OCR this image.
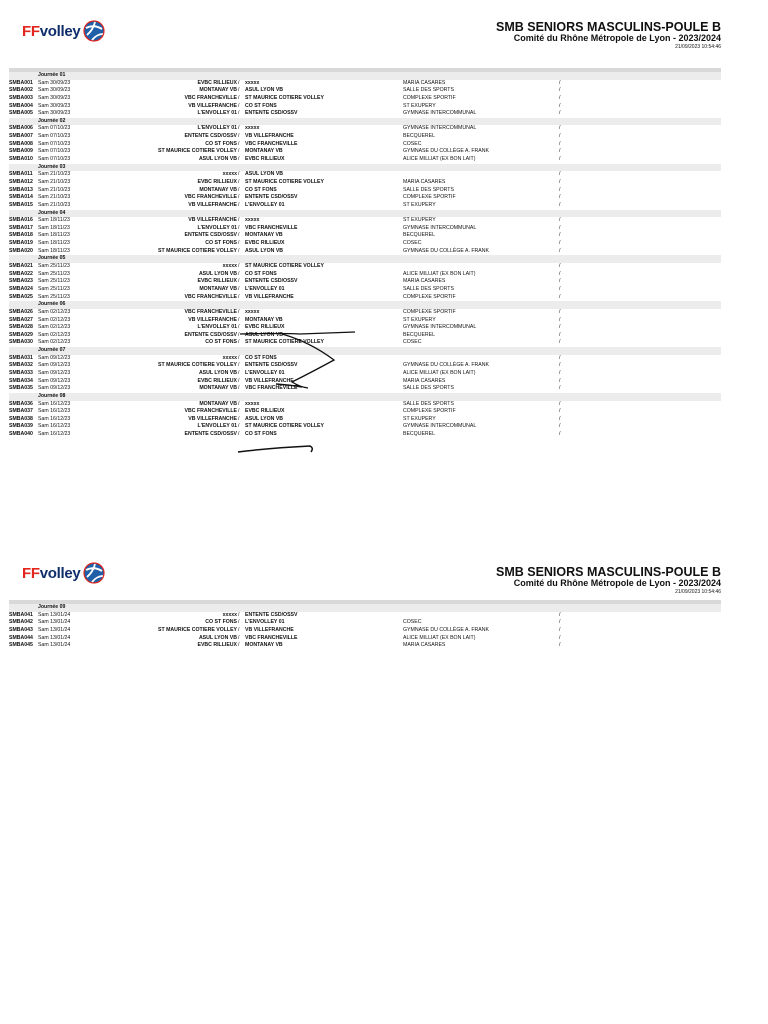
FFvolley	SMB SENIORS MASCULINS-POULE B
Comité du Rhône Métropole de Lyon - 2023/2024
21/09/2023 10:54:46
Journée 01
SMBA001 Sam 30/09/23	EVBC RILLIEUX / xxxxx	MARIA CASARES	/
SMBA002 Sam 30/09/23	MONTANAY VB / ASUL LYON VB	SALLE DES SPORTS	/
SMBA003 Sam 30/09/23	VBC FRANCHEVILLE / ST MAURICE COTIERE VOLLEY	COMPLEXE SPORTIF	/
SMBA004 Sam 30/09/23	VB VILLEFRANCHE / CO ST FONS	ST EXUPERY	/
SMBA005 Sam 30/09/23	L'ENVOLLEY 01 / ENTENTE CSD/OSSV	GYMNASE INTERCOMMUNAL	/
Journée 02
SMBA006 Sam 07/10/23	L'ENVOLLEY 01 / xxxxx	GYMNASE INTERCOMMUNAL	/
SMBA007 Sam 07/10/23	ENTENTE CSD/OSSV / VB VILLEFRANCHE	BECQUEREL	/
SMBA008 Sam 07/10/23	CO ST FONS / VBC FRANCHEVILLE	COSEC	/
SMBA009 Sam 07/10/23	ST MAURICE COTIERE VOLLEY / MONTANAY VB	GYMNASE DU COLLÈGE A. FRANK	/
SMBA010 Sam 07/10/23	ASUL LYON VB / EVBC RILLIEUX	ALICE MILLIAT (EX BON LAIT)	/
Journée 03
SMBA011 Sam 21/10/23	xxxxx / ASUL LYON VB	/
SMBA012 Sam 21/10/23	EVBC RILLIEUX / ST MAURICE COTIERE VOLLEY	MARIA CASARES	/
SMBA013 Sam 21/10/23	MONTANAY VB / CO ST FONS	SALLE DES SPORTS	/
SMBA014 Sam 21/10/23	VBC FRANCHEVILLE / ENTENTE CSD/OSSV	COMPLEXE SPORTIF	/
SMBA015 Sam 21/10/23	VB VILLEFRANCHE / L'ENVOLLEY 01	ST EXUPERY	/
Journée 04
SMBA016 Sam 18/11/23	VB VILLEFRANCHE / xxxxx	ST EXUPERY	/
SMBA017 Sam 18/11/23	L'ENVOLLEY 01 / VBC FRANCHEVILLE	GYMNASE INTERCOMMUNAL	/
SMBA018 Sam 18/11/23	ENTENTE CSD/OSSV / MONTANAY VB	BECQUEREL	/
SMBA019 Sam 18/11/23	CO ST FONS / EVBC RILLIEUX	COSEC	/
SMBA020 Sam 18/11/23	ST MAURICE COTIERE VOLLEY / ASUL LYON VB	GYMNASE DU COLLÈGE A. FRANK	/
Journée 05
SMBA021 Sam 25/11/23	xxxxx / ST MAURICE COTIERE VOLLEY	/
SMBA022 Sam 25/11/23	ASUL LYON VB / CO ST FONS	ALICE MILLIAT (EX BON LAIT)	/
SMBA023 Sam 25/11/23	EVBC RILLIEUX / ENTENTE CSD/OSSV	MARIA CASARES	/
SMBA024 Sam 25/11/23	MONTANAY VB / L'ENVOLLEY 01	SALLE DES SPORTS	/
SMBA025 Sam 25/11/23	VBC FRANCHEVILLE / VB VILLEFRANCHE	COMPLEXE SPORTIF	/
Journée 06
SMBA026 Sam 02/12/23	VBC FRANCHEVILLE / xxxxx	COMPLEXE SPORTIF	/
SMBA027 Sam 02/12/23	VB VILLEFRANCHE / MONTANAY VB	ST EXUPERY	/
SMBA028 Sam 02/12/23	L'ENVOLLEY 01 / EVBC RILLIEUX	GYMNASE INTERCOMMUNAL	/
SMBA029 Sam 02/12/23	ENTENTE CSD/OSSV / ASUL LYON VB	BECQUEREL	/
SMBA030 Sam 02/12/23	CO ST FONS / ST MAURICE COTIERE VOLLEY	COSEC	/
Journée 07
SMBA031 Sam 09/12/23	xxxxx / CO ST FONS	/
SMBA032 Sam 09/12/23	ST MAURICE COTIERE VOLLEY / ENTENTE CSD/OSSV	GYMNASE DU COLLÈGE A. FRANK	/
SMBA033 Sam 09/12/23	ASUL LYON VB / L'ENVOLLEY 01	ALICE MILLIAT (EX BON LAIT)	/
SMBA034 Sam 09/12/23	EVBC RILLIEUX / VB VILLEFRANCHE	MARIA CASARES	/
SMBA035 Sam 09/12/23	MONTANAY VB / VBC FRANCHEVILLE	SALLE DES SPORTS	/
Journée 08
SMBA036 Sam 16/12/23	MONTANAY VB / xxxxx	SALLE DES SPORTS	/
SMBA037 Sam 16/12/23	VBC FRANCHEVILLE / EVBC RILLIEUX	COMPLEXE SPORTIF	/
SMBA038 Sam 16/12/23	VB VILLEFRANCHE / ASUL LYON VB	ST EXUPERY	/
SMBA039 Sam 16/12/23	L'ENVOLLEY 01 / ST MAURICE COTIERE VOLLEY	GYMNASE INTERCOMMUNAL	/
SMBA040 Sam 16/12/23	ENTENTE CSD/OSSV / CO ST FONS	BECQUEREL	/
FFvolley	SMB SENIORS MASCULINS-POULE B
Comité du Rhône Métropole de Lyon - 2023/2024
21/09/2023 10:54:46
Journée 09
SMBA041 Sam 13/01/24	xxxxx / ENTENTE CSD/OSSV	/
SMBA042 Sam 13/01/24	CO ST FONS / L'ENVOLLEY 01	COSEC	/
SMBA043 Sam 13/01/24	ST MAURICE COTIERE VOLLEY / VB VILLEFRANCHE	GYMNASE DU COLLÈGE A. FRANK	/
SMBA044 Sam 13/01/24	ASUL LYON VB / VBC FRANCHEVILLE	ALICE MILLIAT (EX BON LAIT)	/
SMBA045 Sam 13/01/24	EVBC RILLIEUX / MONTANAY VB	MARIA CASARES	/
